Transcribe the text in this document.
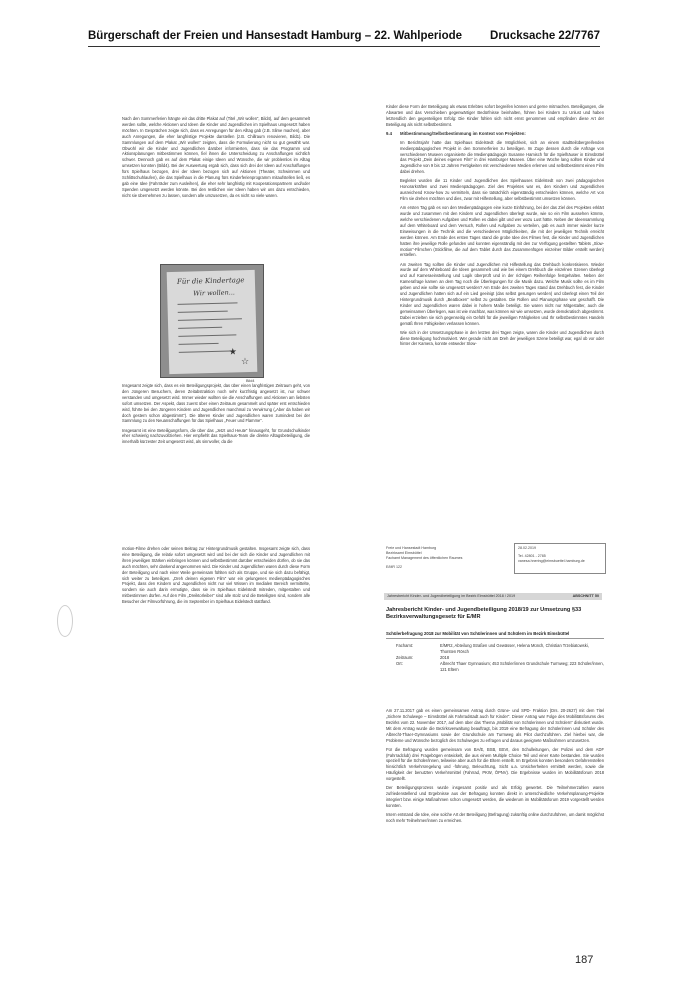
Bürgerschaft der Freien und Hansestadt Hamburg – 22. Wahlperiode Drucksache 22/7767

Nach den Sommerferien hängte wir das dritte Plakat auf (Titel „Wir wollen“, Bild4), auf dem gesammelt werden sollte, welche Aktionen und Ideen die Kinder und Jugendlichen im Spielhaus umgesetzt haben möchten. In Gesprächen zeigte sich, dass es Anregungen für den Alltag gab (z.B. Slime machen), aber auch Anregungen, die eher langfristige Projekte darstellen (z.B. Chillraum renovieren, Bild1). Die Sammlungen auf dem Plakat „Wir wollen“ zeigten, dass die Formulierung nicht so gut gewählt war. Obwohl wir die Kinder und Jugendlichen darüber informierten, dass sie das Programm und Aktionsplanungen mitbestimmen können, fiel ihnen die Unterscheidung zu Anschaffungen sichtlich schwer. Dennoch gab es auf dem Plakat einige Ideen und Wünsche, die wir problemlos im Alltag umsetzen konnten (Bild4). Bei der Auswertung ergab sich, dass sich drei der Ideen auf Anschaffungen fürs Spielhaus bezogen, drei der Ideen bezogen sich auf Aktionen (Theater, Schwimmen und Schlittschuhlaufen), die das Spielhaus in die Planung fürs Kinderferienprogramm mitaufstellen ließ, es gab eine Idee (Fahrräder zum Ausleihen), die eher sehr langfristig mit Kooperationspartnern und/oder Spenden umgesetzt werden könnte. Bei den restlichen vier Ideen haben wir uns dazu entschieden, nicht sie übernehmen zu lassen, sondern alle umzusetzen, da es nicht so viele waren.

Für die Kindertage
Wir wollen...
★
☆
Bild4

Insgesamt zeigte sich, dass es ein Beteiligungsprojekt, das über einen langfristigen Zeitraum geht, von den Jüngeren Besuchern, deren Zeitabstraktion noch sehr kurzfristig angesetzt ist, nur schwer verstanden und umgesetzt wird. Immer wieder wollten sie die Anschaffungen und Aktionen am liebsten sofort umsetzen. Der Aspekt, dass zuerst über einen Zeitraum gesammelt und später erst entschieden wird, führte bei den Jüngeren Kindern und Jugendlichen manchmal zu Verwirrung („Aber da haben wir doch gestern schon abgestimmt“). Die älteren Kinder und Jugendlichen waren zumindest bei der Sammlung zu den Neuanschaffungen für das Spielhaus „Feuer und Flamme“.

Insgesamt ist eine Beteiligungsform, die über das „Jetzt und Heute“ hinausgeht, für Grundschulkinder eher schwierig nachzuvollziehen. Hier empfiehlt das Spielhaus-Team die direkte Alltagsbeteiligung, die innerhalb kürzester Zeit umgesetzt wird, als sinnvoller, da die

Kinder diese Form der Beteiligung als etwas Erlebtes sofort begreifen können und gerne mitmachen. Beteiligungen, die Abwarten und das Verschieben gegenwärtiger Bedürfnisse beinhalten, führen bei Kindern zu Unlust und haben letztendlich den gegenteiligen Erfolg: Die Kinder fühlen sich nicht ernst genommen und empfinden diese Art der Beteiligung als nicht selbstbestimmt.

9.4 Mitbestimmung/Selbstbestimmung im Kontext von Projekten:

Im Berichtsjahr hatte das Spielhaus Eidelstedt die Möglichkeit, sich an einem stadtteilübergreifenden medienpädagogischen Projekt in den Sommerferien zu beteiligen. Im Zuge dessen durch die Anfrage von verschiedenen Museen organisierte die Medienpädagogin Susanne Hamisch für die Spielhäuser in Eimsbüttel das Projekt „Dein deines eigenen Film“ in drei Hamburger Museen. Über eine Woche lang sollten Kinder und Jugendliche von 9 bis 12 Jahren Fertigkeiten mit verschiedenen Medien erlernen und selbstbestimmt einen Film dabei drehen.

Begleitet wurden die 11 Kinder und Jugendlichen des Spielhauses Eidelstedt von zwei pädagogischen Honorarkräften und zwei Medienpädagogen. Ziel des Projektes war es, den Kindern und Jugendlichen ausreichend Know-how zu vermitteln, dass sie tatsächlich eigenständig entscheiden können, welche Art von Film sie drehen möchten und dies, zwar mit Hilfestellung, aber selbstbestimmt umsetzen können.

Am ersten Tag gab es von den Medienpädagogen eine kurze Einführung, bei der das Ziel des Projektes erklärt wurde und zusammen mit den Kindern und Jugendlichen überlegt wurde, wie so ein Film aussehen könnte, welche verschiedenen Aufgaben und Rollen es dabei gibt und wer wozu Lust hätte. Neben der Ideensammlung auf dem Whiteboard und dem Versuch, Rollen und Aufgaben zu verteilen, gab es auch immer wieder kurze Einweisungen in die Technik und die verschiedenen Möglichkeiten, die mit der jeweiligen Technik erreicht werden können. Am Ende des ersten Tages stand die grobe Idee des Filmes fest, die Kinder und Jugendlichen hatten ihre jeweilige Rolle gefunden und konnten eigenständig mit den zur Verfügung gestellten Tablets „Slow-motion“-Filmchen (Stickfilme, die auf dem Tablet durch das Zusammenfügen einzelner Bilder erstellt werden) erstellen.

Am zweiten Tag sollten die Kinder und Jugendlichen mit Hilfestellung das Drehbuch konkretisieren. Wieder wurde auf dem Whiteboard die Ideen gesammelt und wie bei einem Drehbuch die einzelnen Szenen überlegt und auf Kameraeinstellung und Logik überprüft und in der richtigen Reihenfolge festgehalten. Neben der Kamerafrage kamen an dem Tag noch die Überlegungen für die Musik dazu. Welche Musik sollte es im Film geben und wie sollte sie umgesetzt werden? Am Ende des zweiten Tages stand das Drehbuch fest, die Kinder und Jugendlichen hatten sich auf ein Lied geeinigt (das selbst gesungen werden) und überlegt einen Teil der Hintergrundmusik durch „Beatboxen“ selbst zu gestalten. Die Rollen und Planungsphase war geschafft. Die Kinder und Jugendlichen waren dabei in hohem Maße beteiligt. Sie waren nicht nur Mitgestalter, auch die gemeinsamen Überlegen, was ist wie machbar, was können wir wie umsetzen, wurde demokratisch abgestimmt. Dabei erzielten sie sich gegenseitig ein Gefühl für die jeweiligen Fähigkeiten und Ihr selbstbestimmtes Handeln gemäß Ihren Fähigkeiten verlassen können.

Wie sich in der Umsetzungsphase in den letzten drei Tagen zeigte, waren die Kinder und Jugendlichen durch diese Beteiligung hochmotiviert. Wer gerade nicht am Dreh der jeweiligen Szene beteiligt war, egal ob vor oder hinter der Kamera, konnte entweder Slow-

motion-Filme drehen oder seinen Beitrag zur Hintergrundmusik gestalten. Insgesamt zeigte sich, dass eine Beteiligung, die relativ sofort umgesetzt wird und bei der sich die Kinder und Jugendlichen mit ihren jeweiligen Stärken einbringen können und selbstbestimmt darüber entscheiden dürfen, ob sie das auch möchten, sehr dankend angenommen wird. Die Kinder und Jugendlichen waren durch diese Form der Beteiligung und nach einer Weile gemeinsam fühlten sich als Gruppe, und sie sich dazu befähigt, sich weiter zu beteiligen. „Dreh deinen eigenen Film“ war ein gelungenes medienpädagogisches Projekt, dass den Kindern und Jugendlichen nicht nur viel Wissen im medialen Bereich vermittelte, sondern sie auch darin ermutigte, dass sie im Spielhaus Eidelstedt mitreden, mitgestalten und mitbestimmen dürfen. Auf den Film „Dreiktorleiber“ sind alle stolz und die Beteiligten sind, sondern alle Besucher der Filmvorführung, die im September im Spielhaus Eidelstedt stattfand.

Freie und Hansestadt Hamburg
Bezirksamt Eimsbüttel
Fachamt Management des öffentlichen Raumes
E/MR 122
28.02.2019
Tel. 42801 - 2785
vanesa.hnering@eimsbuettel.hamburg.de
Jahresbericht Kinder- und Jugendbeteiligung im Bezirk Eimsbüttel 2018 / 2019	ABSCHNITT 50
Jahresbericht Kinder- und Jugendbeteiligung 2018/19 zur Umsetzung §33 Bezirksverwaltungsgesetz für E/MR
Schülerbefragung 2018 zur Mobilität von Schülerinnen und Schülern im Bezirk Eimsbüttel
Fachamt:	E/MR2, Abteilung Straßen und Gewässer, Helena Münch, Christian Trzebiatowski, Thorsten Rösch
Zeitraum:	2018
Ort:	Albrecht Thaer Gymnasium; 453 Schüler/innen Grundschule Turmweg; 223 Schüler/innen, 121 Eltern

Am 27.11.2017 gab es einen gemeinsamen Antrag durch Grüne- und SPD- Fraktion (Drs. 20-2627) mit dem Titel „Sichere Schulwege – Eimsbüttel als Fahrradstadt auch für Kinder“. Dieser Antrag war Folge des Mobilitätsforums des Bezirks vom 22. November 2017, auf dem über das Thema „Mobilität von Schülerinnen und Schülern“ diskutiert wurde. Mit dem Antrag wurde die Bezirksverwaltung beauftragt, bis 2019 eine Befragung der Schülerinnen und Schüler des Albrecht-Thaer-Gymnasiums sowie der Grundschule am Turmweg als Pilot durchzuführen. Ziel hierbei war, die Probleme und Wünsche bezüglich des Schulweges zu erfragen und daraus geeignete Maßnahmen umzusetzen.

Für die Befragung wurden gemeinsam von BA/E, BSB, BSVI, den Schulleitungen, der Polizei und dem ADF (Fahrradclub) drei Fragebögen entwickelt, die aus einem Multiple Choice Teil und einer Karte bestanden. Sie wurden speziell für die Schüler/innen, teilweise aber auch für die Eltern erstellt. Im Ergebnis konnten besonders Gefahrenstellen hinsichtlich Verkehrsregelung und -führung, Beleuchtung, Sicht u.a. Unsicherheiten ermittelt werden, sowie die Häufigkeit der benutzten Verkehrsmittel (Fahrrad, PKW, ÖPNV). Die Ergebnisse wurden im Mobilitätsforum 2018 vorgestellt.

Der Beteiligungsprozess wurde insgesamt positiv und als Erfolg gewertet. Die Teilnehmerzahlen waren zufriedenstellend und Ergebnisse aus der Befragung konnten direkt in unterschiedliche Verkehrsplanung-Projekte integriert bzw. einige Maßnahmen schon umgesetzt werden, die wiederum im Mobilitätsforum 2019 vorgestellt werden konnten.

Intern entstand die Idee, eine solche Art der Beteiligung (Befragung) zukünftig online durchzuführen, um damit möglichst noch mehr Teilnehmer/innen zu erreichen.

187
